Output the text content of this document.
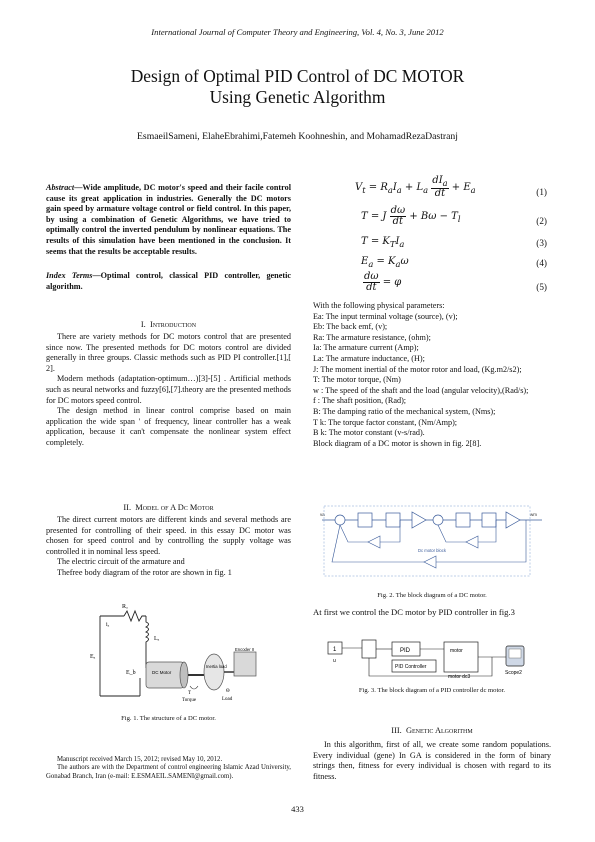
International Journal of Computer Theory and Engineering, Vol. 4, No. 3, June 2012
Design of Optimal PID Control of DC MOTOR
Using Genetic Algorithm
EsmaeilSameni, ElaheEbrahimi,Fatemeh Koohneshin, and MohamadRezaDastranj
Abstract—Wide amplitude, DC motor's speed and their facile control cause its great application in industries. Generally the DC motors gain speed by armature voltage control or field control. In this paper, by using a combination of Genetic Algorithms, we have tried to optimally control the inverted pendulum by nonlinear equations. The results of this simulation have been mentioned in the conclusion. It seems that the results be acceptable results.
Index Terms—Optimal control, classical PID controller, genetic algorithm.
I. Introduction

There are variety methods for DC motors control that are presented since now. The presented methods for DC motors control are divided generally in three groups. Classic methods such as PID PI controller.[1],[ 2].

Modern methods (adaptation-optimum…)[3]-[5] . Artificial methods such as neural networks and fuzzy[6],[7].theory are the presented methods for DC motors speed control.

The design method in linear control comprise based on main application the wide span ' of frequency, linear controller has a weak application, because it can't compensate the nonlinear system effect completely.

II. Model of A Dc Motor

The direct current motors are different kinds and several methods are presented for controlling of their speed. in this essay DC motor was chosen for speed control and by controlling the supply voltage was controlled it in nominal less speed.

The electric circuit of the armature and

Thefree body diagram of the rotor are shown in fig. 1

Rₐ
Lₐ
iₐ
Eₐ
E_b	DC Motor
Inertia load
Encoder II
T
Torque
Θ
Load
Fig. 1. The structure of a DC motor.

Manuscript received March 15, 2012; revised May 10, 2012.

The authors are with the Department of control engineering Islamic Azad University, Gonabad Branch, Iran (e-mail: E.ESMAEIL.SAMENI@gmail.com).

$V_t = R_aI_a + L_a \frac{dI_a}{dt} + E_a$	(1)
T = J $\frac{d\omega}{dt} + B\omega - T_l$	(2)
$T = K_TI_a$	(3)
$E_a = K_a\omega$	(4)
$\frac{d\omega}{dt} = \varphi$	(5)

With the following physical parameters:

Ea: The input terminal voltage (source), (v);

Eb: The back emf, (v);

Ra: The armature resistance, (ohm);

Ia: The armature current (Amp);

La: The armature inductance, (H);

J: The moment inertial of the motor rotor and load, (Kg.m2/s2);

T: The motor torque, (Nm)

w : The speed of the shaft and the load (angular velocity),(Rad/s);

f : The shaft position, (Rad);

B: The damping ratio of the mechanical system, (Nms);

T k: The torque factor constant, (Nm/Amp);

B k: The motor constant (v-s/rad).

Block diagram of a DC motor is shown in fig. 2[8].

va	wm
Dc motor block
Fig. 2. The block diagram of a DC motor.
At first we control the DC motor by PID controller in fig.3
1
u
PID
PID Controller
motor
motor dc3
Scope2
Fig. 3. The block diagram of a PID controller dc motor.
III. Genetic Algorithm

In this algorithm, first of all, we create some random populations. Every individual (gene) In GA is considered in the form of binary strings then, fitness for every individual is chosen with regard to its fitness.

433
